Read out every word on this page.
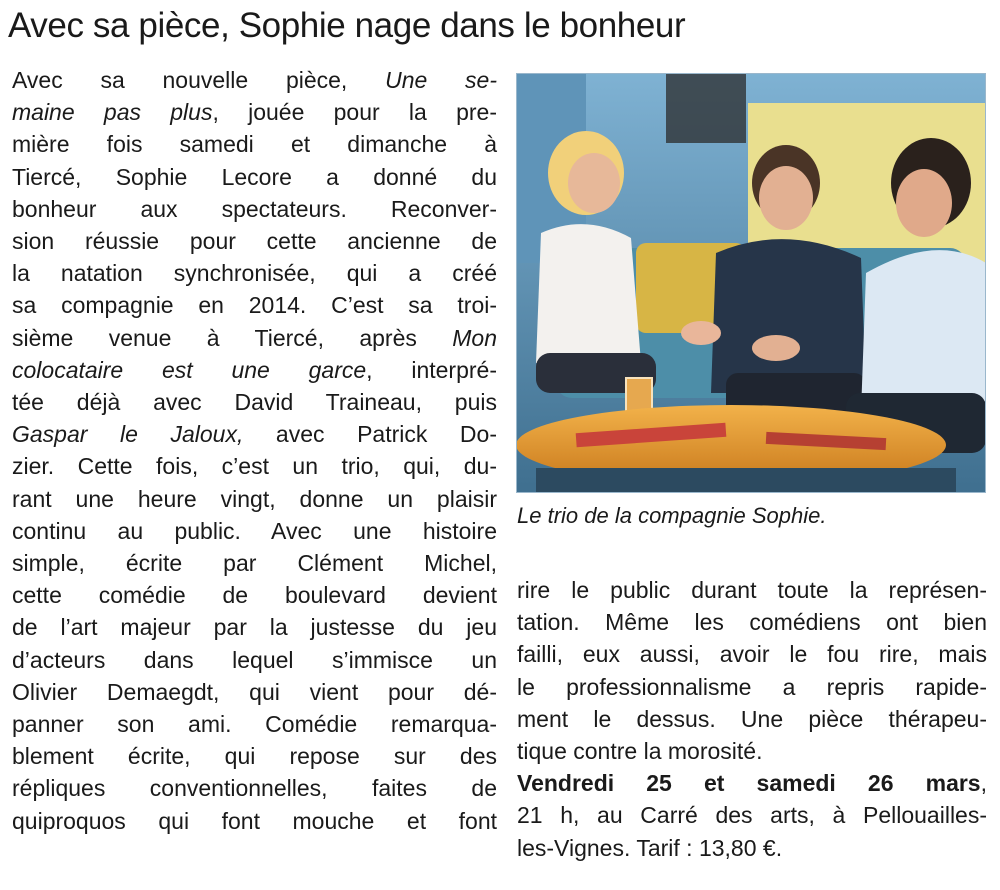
Avec sa pièce, Sophie nage dans le bonheur
Avec sa nouvelle pièce, Une se-
maine pas plus, jouée pour la pre-
mière fois samedi et dimanche à
Tiercé, Sophie Lecore a donné du
bonheur aux spectateurs. Reconver-
sion réussie pour cette ancienne de
la natation synchronisée, qui a créé
sa compagnie en 2014. C’est sa troi-
sième venue à Tiercé, après Mon
colocataire est une garce, interpré-
tée déjà avec David Traineau, puis
Gaspar le Jaloux, avec Patrick Do-
zier. Cette fois, c’est un trio, qui, du-
rant une heure vingt, donne un plaisir
continu au public. Avec une histoire
simple, écrite par Clément Michel,
cette comédie de boulevard devient
de l’art majeur par la justesse du jeu
d’acteurs dans lequel s’immisce un
Olivier Demaegdt, qui vient pour dé-
panner son ami. Comédie remarqua-
blement écrite, qui repose sur des
répliques conventionnelles, faites de
quiproquos qui font mouche et font
Le trio de la compagnie Sophie.
rire le public durant toute la représen-
tation. Même les comédiens ont bien
failli, eux aussi, avoir le fou rire, mais
le professionnalisme a repris rapide-
ment le dessus. Une pièce thérapeu-
tique contre la morosité.
Vendredi 25 et samedi 26 mars,
21 h, au Carré des arts, à Pellouailles-
les-Vignes. Tarif : 13,80 €.
